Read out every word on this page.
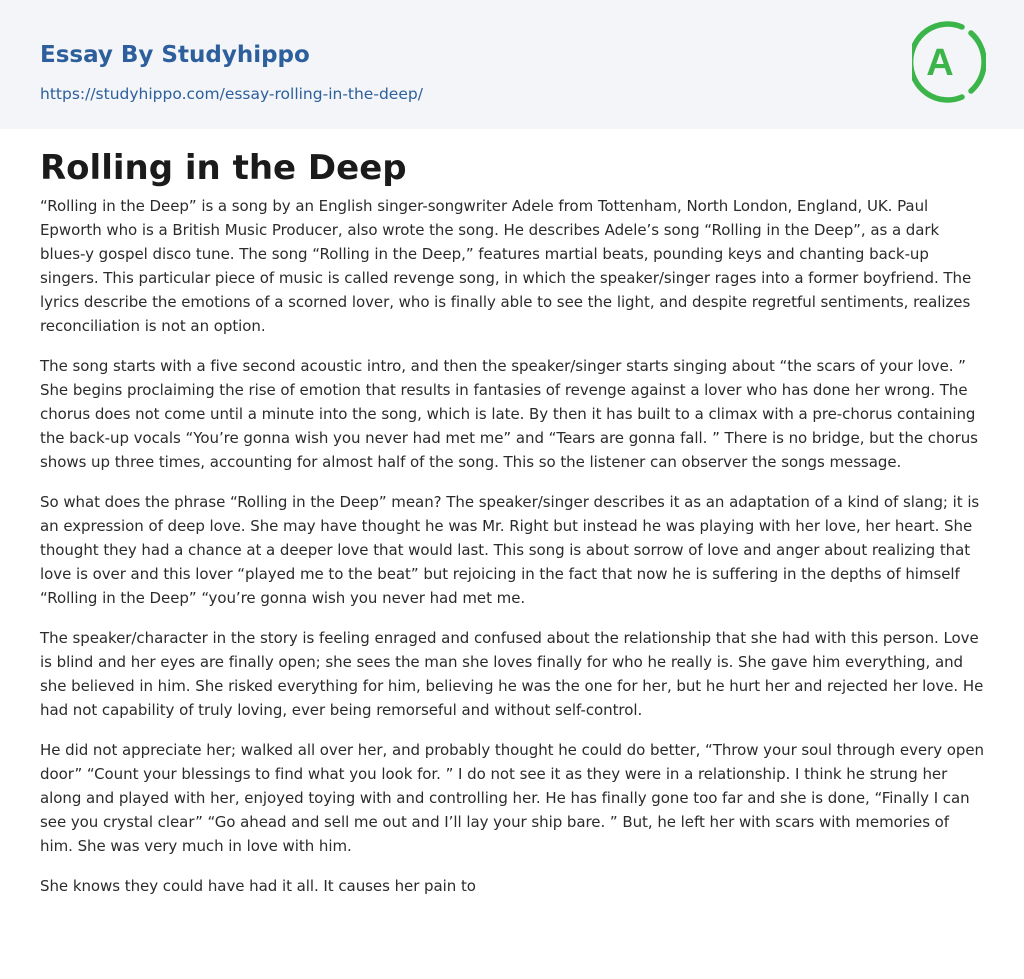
Essay By Studyhippo
https://studyhippo.com/essay-rolling-in-the-deep/
A
Rolling in the Deep

“Rolling in the Deep” is a song by an English singer-songwriter Adele from Tottenham, North London, England, UK. Paul Epworth who is a British Music Producer, also wrote the song. He describes Adele’s song “Rolling in the Deep”, as a dark blues-y gospel disco tune. The song “Rolling in the Deep,” features martial beats, pounding keys and chanting back-up singers. This particular piece of music is called revenge song, in which the speaker/singer rages into a former boyfriend. The lyrics describe the emotions of a scorned lover, who is finally able to see the light, and despite regretful sentiments, realizes reconciliation is not an option.

The song starts with a five second acoustic intro, and then the speaker/singer starts singing about “the scars of your love. ” She begins proclaiming the rise of emotion that results in fantasies of revenge against a lover who has done her wrong. The chorus does not come until a minute into the song, which is late. By then it has built to a climax with a pre-chorus containing the back-up vocals “You’re gonna wish you never had met me” and “Tears are gonna fall. ” There is no bridge, but the chorus shows up three times, accounting for almost half of the song. This so the listener can observer the songs message.

So what does the phrase “Rolling in the Deep” mean? The speaker/singer describes it as an adaptation of a kind of slang; it is an expression of deep love. She may have thought he was Mr. Right but instead he was playing with her love, her heart. She thought they had a chance at a deeper love that would last. This song is about sorrow of love and anger about realizing that love is over and this lover “played me to the beat” but rejoicing in the fact that now he is suffering in the depths of himself “Rolling in the Deep” “you’re gonna wish you never had met me.

The speaker/character in the story is feeling enraged and confused about the relationship that she had with this person. Love is blind and her eyes are finally open; she sees the man she loves finally for who he really is. She gave him everything, and she believed in him. She risked everything for him, believing he was the one for her, but he hurt her and rejected her love. He had not capability of truly loving, ever being remorseful and without self-control.

He did not appreciate her; walked all over her, and probably thought he could do better, “Throw your soul through every open door” “Count your blessings to find what you look for. ” I do not see it as they were in a relationship. I think he strung her along and played with her, enjoyed toying with and controlling her. He has finally gone too far and she is done, “Finally I can see you crystal clear” “Go ahead and sell me out and I’ll lay your ship bare. ” But, he left her with scars with memories of him. She was very much in love with him.

She knows they could have had it all. It causes her pain to
